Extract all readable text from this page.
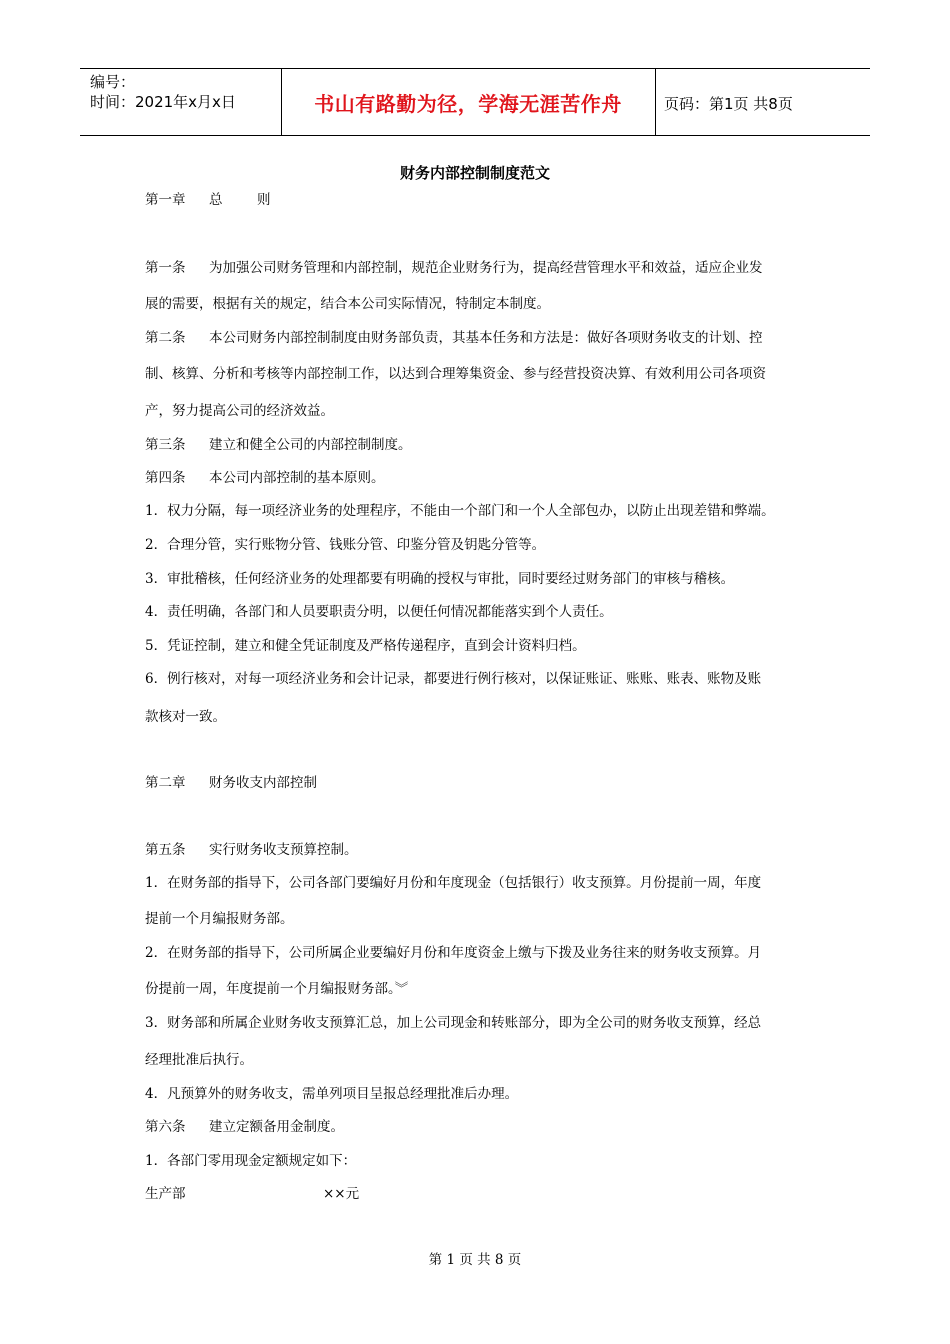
编号：
时间：2021年x月x日	书山有路勤为径，学海无涯苦作舟	页码：第1页 共8页
财务内部控制制度范文
第一章 总	则
第一条 为加强公司财务管理和内部控制，规范企业财务行为，提高经营管理水平和效益，适应企业发
展的需要，根据有关的规定，结合本公司实际情况，特制定本制度。
第二条 本公司财务内部控制制度由财务部负责，其基本任务和方法是：做好各项财务收支的计划、控
制、核算、分析和考核等内部控制工作，以达到合理筹集资金、参与经营投资决算、有效利用公司各项资
产，努力提高公司的经济效益。
第三条 建立和健全公司的内部控制制度。
第四条 本公司内部控制的基本原则。
1．权力分隔，每一项经济业务的处理程序，不能由一个部门和一个人全部包办，以防止出现差错和弊端。
2．合理分管，实行账物分管、钱账分管、印鉴分管及钥匙分管等。
3．审批稽核，任何经济业务的处理都要有明确的授权与审批，同时要经过财务部门的审核与稽核。
4．责任明确，各部门和人员要职责分明，以便任何情况都能落实到个人责任。
5．凭证控制，建立和健全凭证制度及严格传递程序，直到会计资料归档。
6．例行核对，对每一项经济业务和会计记录，都要进行例行核对，以保证账证、账账、账表、账物及账
款核对一致。
第二章 财务收支内部控制
第五条 实行财务收支预算控制。
1．在财务部的指导下，公司各部门要编好月份和年度现金（包括银行）收支预算。月份提前一周，年度
提前一个月编报财务部。
2．在财务部的指导下，公司所属企业要编好月份和年度资金上缴与下拨及业务往来的财务收支预算。月
份提前一周，年度提前一个月编报财务部。︾
3．财务部和所属企业财务收支预算汇总，加上公司现金和转账部分，即为全公司的财务收支预算，经总
经理批准后执行。
4．凡预算外的财务收支，需单列项目呈报总经理批准后办理。
第六条 建立定额备用金制度。
1．各部门零用现金定额规定如下：
生产部	××元
第 1 页 共 8 页
